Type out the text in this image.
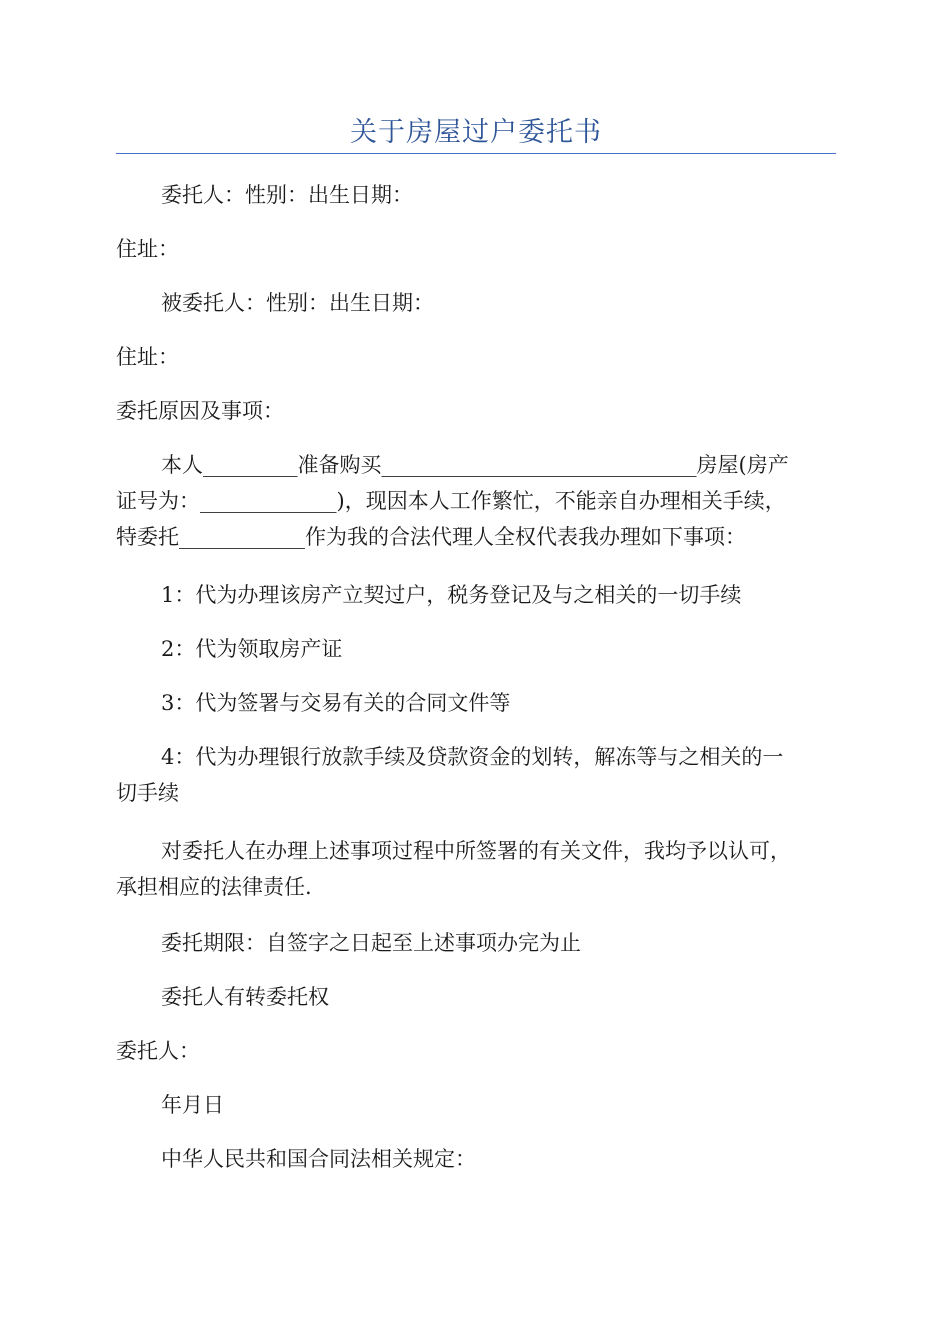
关于房屋过户委托书

委托人：性别：出生日期：

住址：

被委托人：性别：出生日期：

住址：

委托原因及事项：

本人_________准备购买______________________________房屋(房产
证号为：_____________)，现因本人工作繁忙，不能亲自办理相关手续，
特委托____________作为我的合法代理人全权代表我办理如下事项：

1：代为办理该房产立契过户，税务登记及与之相关的一切手续

2：代为领取房产证

3：代为签署与交易有关的合同文件等

4：代为办理银行放款手续及贷款资金的划转，解冻等与之相关的一
切手续
对委托人在办理上述事项过程中所签署的有关文件，我均予以认可，
承担相应的法律责任.

委托期限：自签字之日起至上述事项办完为止

委托人有转委托权

委托人：

年月日

中华人民共和国合同法相关规定：
